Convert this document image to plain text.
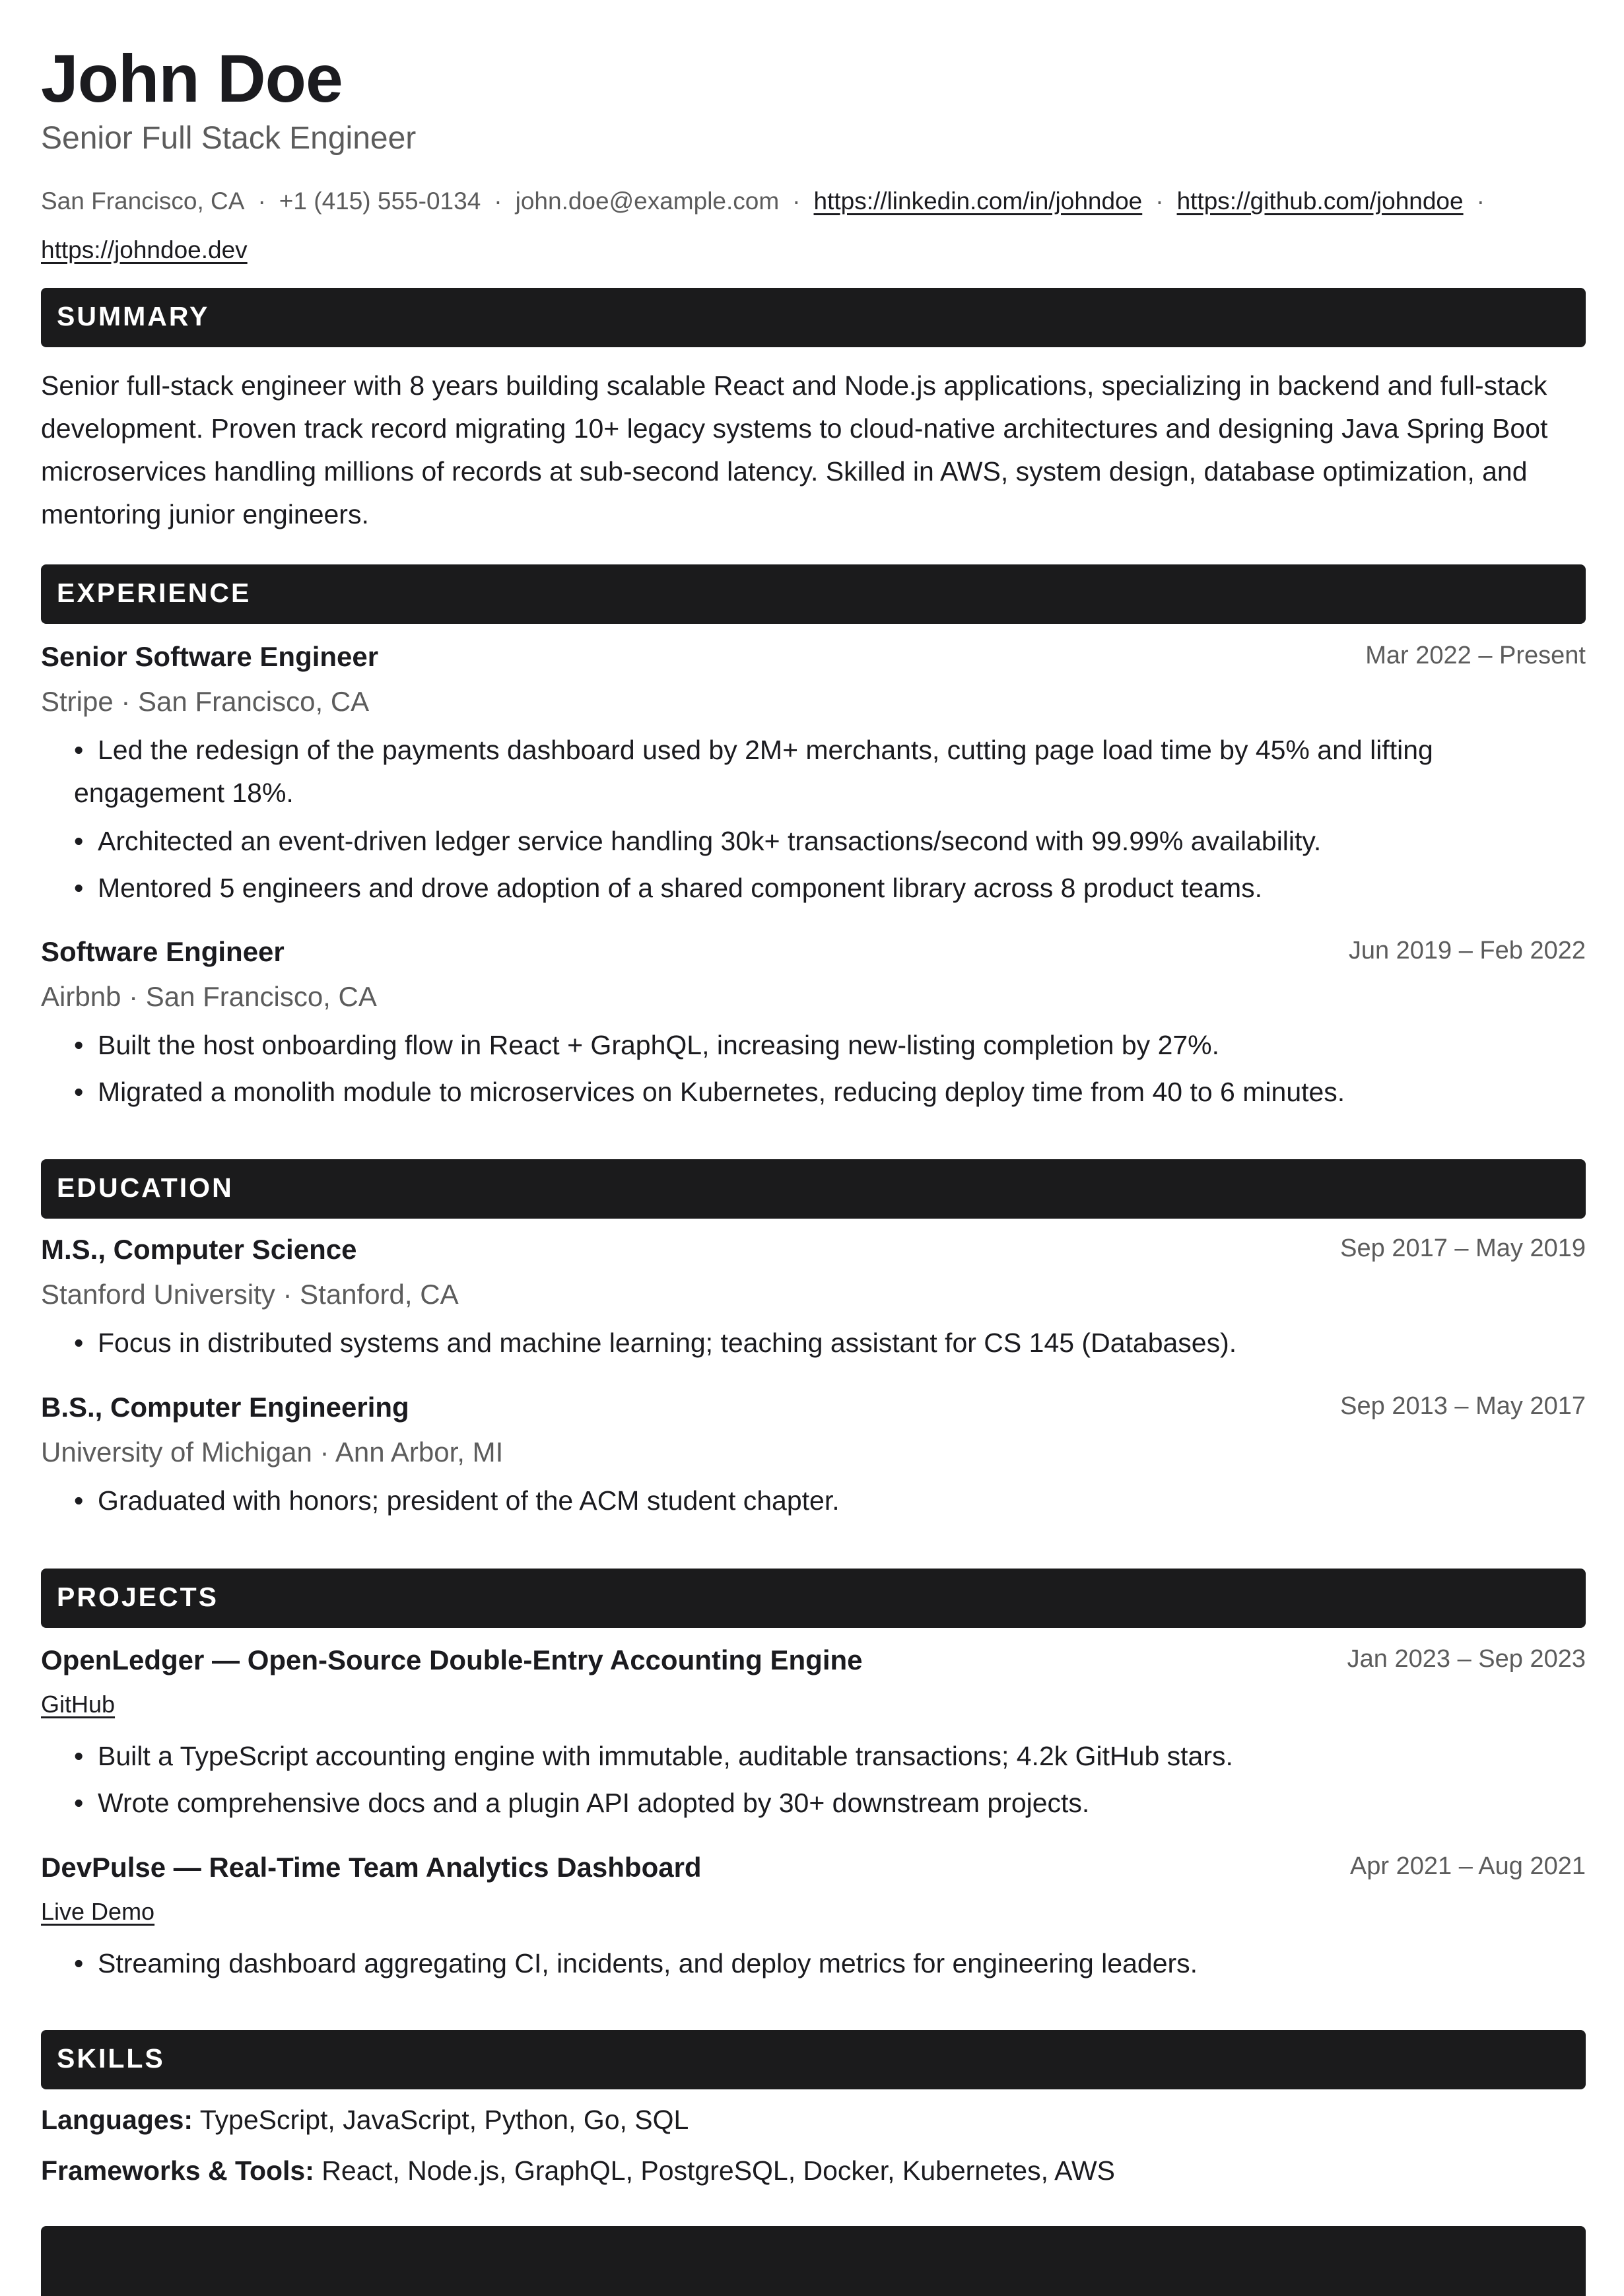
John Doe
Senior Full Stack Engineer
San Francisco, CA · +1 (415) 555-0134 · john.doe@example.com · https://linkedin.com/in/johndoe · https://github.com/johndoe ·
https://johndoe.dev
SUMMARY
Senior full-stack engineer with 8 years building scalable React and Node.js applications, specializing in backend and full-stack development. Proven track record migrating 10+ legacy systems to cloud-native architectures and designing Java Spring Boot microservices handling millions of records at sub-second latency. Skilled in AWS, system design, database optimization, and mentoring junior engineers.
EXPERIENCE
Senior Software Engineer	Mar 2022 – Present
Stripe · San Francisco, CA
• Led the redesign of the payments dashboard used by 2M+ merchants, cutting page load time by 45% and lifting engagement 18%.
• Architected an event-driven ledger service handling 30k+ transactions/second with 99.99% availability.
• Mentored 5 engineers and drove adoption of a shared component library across 8 product teams.
Software Engineer	Jun 2019 – Feb 2022
Airbnb · San Francisco, CA
• Built the host onboarding flow in React + GraphQL, increasing new-listing completion by 27%.
• Migrated a monolith module to microservices on Kubernetes, reducing deploy time from 40 to 6 minutes.
EDUCATION
M.S., Computer Science	Sep 2017 – May 2019
Stanford University · Stanford, CA
• Focus in distributed systems and machine learning; teaching assistant for CS 145 (Databases).
B.S., Computer Engineering	Sep 2013 – May 2017
University of Michigan · Ann Arbor, MI
• Graduated with honors; president of the ACM student chapter.
PROJECTS
OpenLedger — Open-Source Double-Entry Accounting Engine	Jan 2023 – Sep 2023
GitHub
• Built a TypeScript accounting engine with immutable, auditable transactions; 4.2k GitHub stars.
• Wrote comprehensive docs and a plugin API adopted by 30+ downstream projects.
DevPulse — Real-Time Team Analytics Dashboard	Apr 2021 – Aug 2021
Live Demo
• Streaming dashboard aggregating CI, incidents, and deploy metrics for engineering leaders.
SKILLS
Languages: TypeScript, JavaScript, Python, Go, SQL
Frameworks & Tools: React, Node.js, GraphQL, PostgreSQL, Docker, Kubernetes, AWS
